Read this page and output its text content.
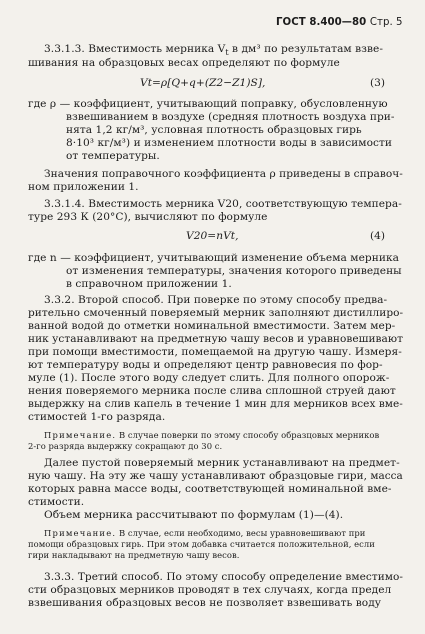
ГОСТ 8.400—80 Стр. 5
3.3.1.3. Вместимость мерника $V_t$ в дм³ по результатам взве-
шивания на образцовых весах определяют по формуле
Vt=ρ[Q+q+(Z2−Z1)S],	(3)
где ρ — коэффициент, учитывающий поправку, обусловленную
взвешиванием в воздухе (средняя плотность воздуха при-
нята 1,2 кг/м³, условная плотность образцовых гирь
8·10³ кг/м³) и изменением плотности воды в зависимости
от температуры.
Значения поправочного коэффициента ρ приведены в справоч-
ном приложении 1.
3.3.1.4. Вместимость мерника V20, соответствующую темпера-
туре 293 К (20°С), вычисляют по формуле
V20=nVt,	(4)
где n — коэффициент, учитывающий изменение объема мерника
от изменения температуры, значения которого приведены
в справочном приложении 1.
3.3.2. Второй способ. При поверке по этому способу предва-
рительно смоченный поверяемый мерник заполняют дистиллиро-
ванной водой до отметки номинальной вместимости. Затем мер-
ник устанавливают на предметную чашу весов и уравновешивают
при помощи вместимости, помещаемой на другую чашу. Измеря-
ют температуру воды и определяют центр равновесия по фор-
муле (1). После этого воду следует слить. Для полного опорож-
нения поверяемого мерника после слива сплошной струей дают
выдержку на слив капель в течение 1 мин для мерников всех вме-
стимостей 1-го разряда.
Примечание. В случае поверки по этому способу образцовых мерников
2-го разряда выдержку сокращают до 30 с.
Далее пустой поверяемый мерник устанавливают на предмет-
ную чашу. На эту же чашу устанавливают образцовые гири, масса
которых равна массе воды, соответствующей номинальной вме-
стимости.
Объем мерника рассчитывают по формулам (1)—(4).
Примечание. В случае, если необходимо, весы уравновешивают при
помощи образцовых гирь. При этом добавка считается положительной, если
гири накладывают на предметную чашу весов.
3.3.3. Третий способ. По этому способу определение вместимо-
сти образцовых мерников проводят в тех случаях, когда предел
взвешивания образцовых весов не позволяет взвешивать воду
